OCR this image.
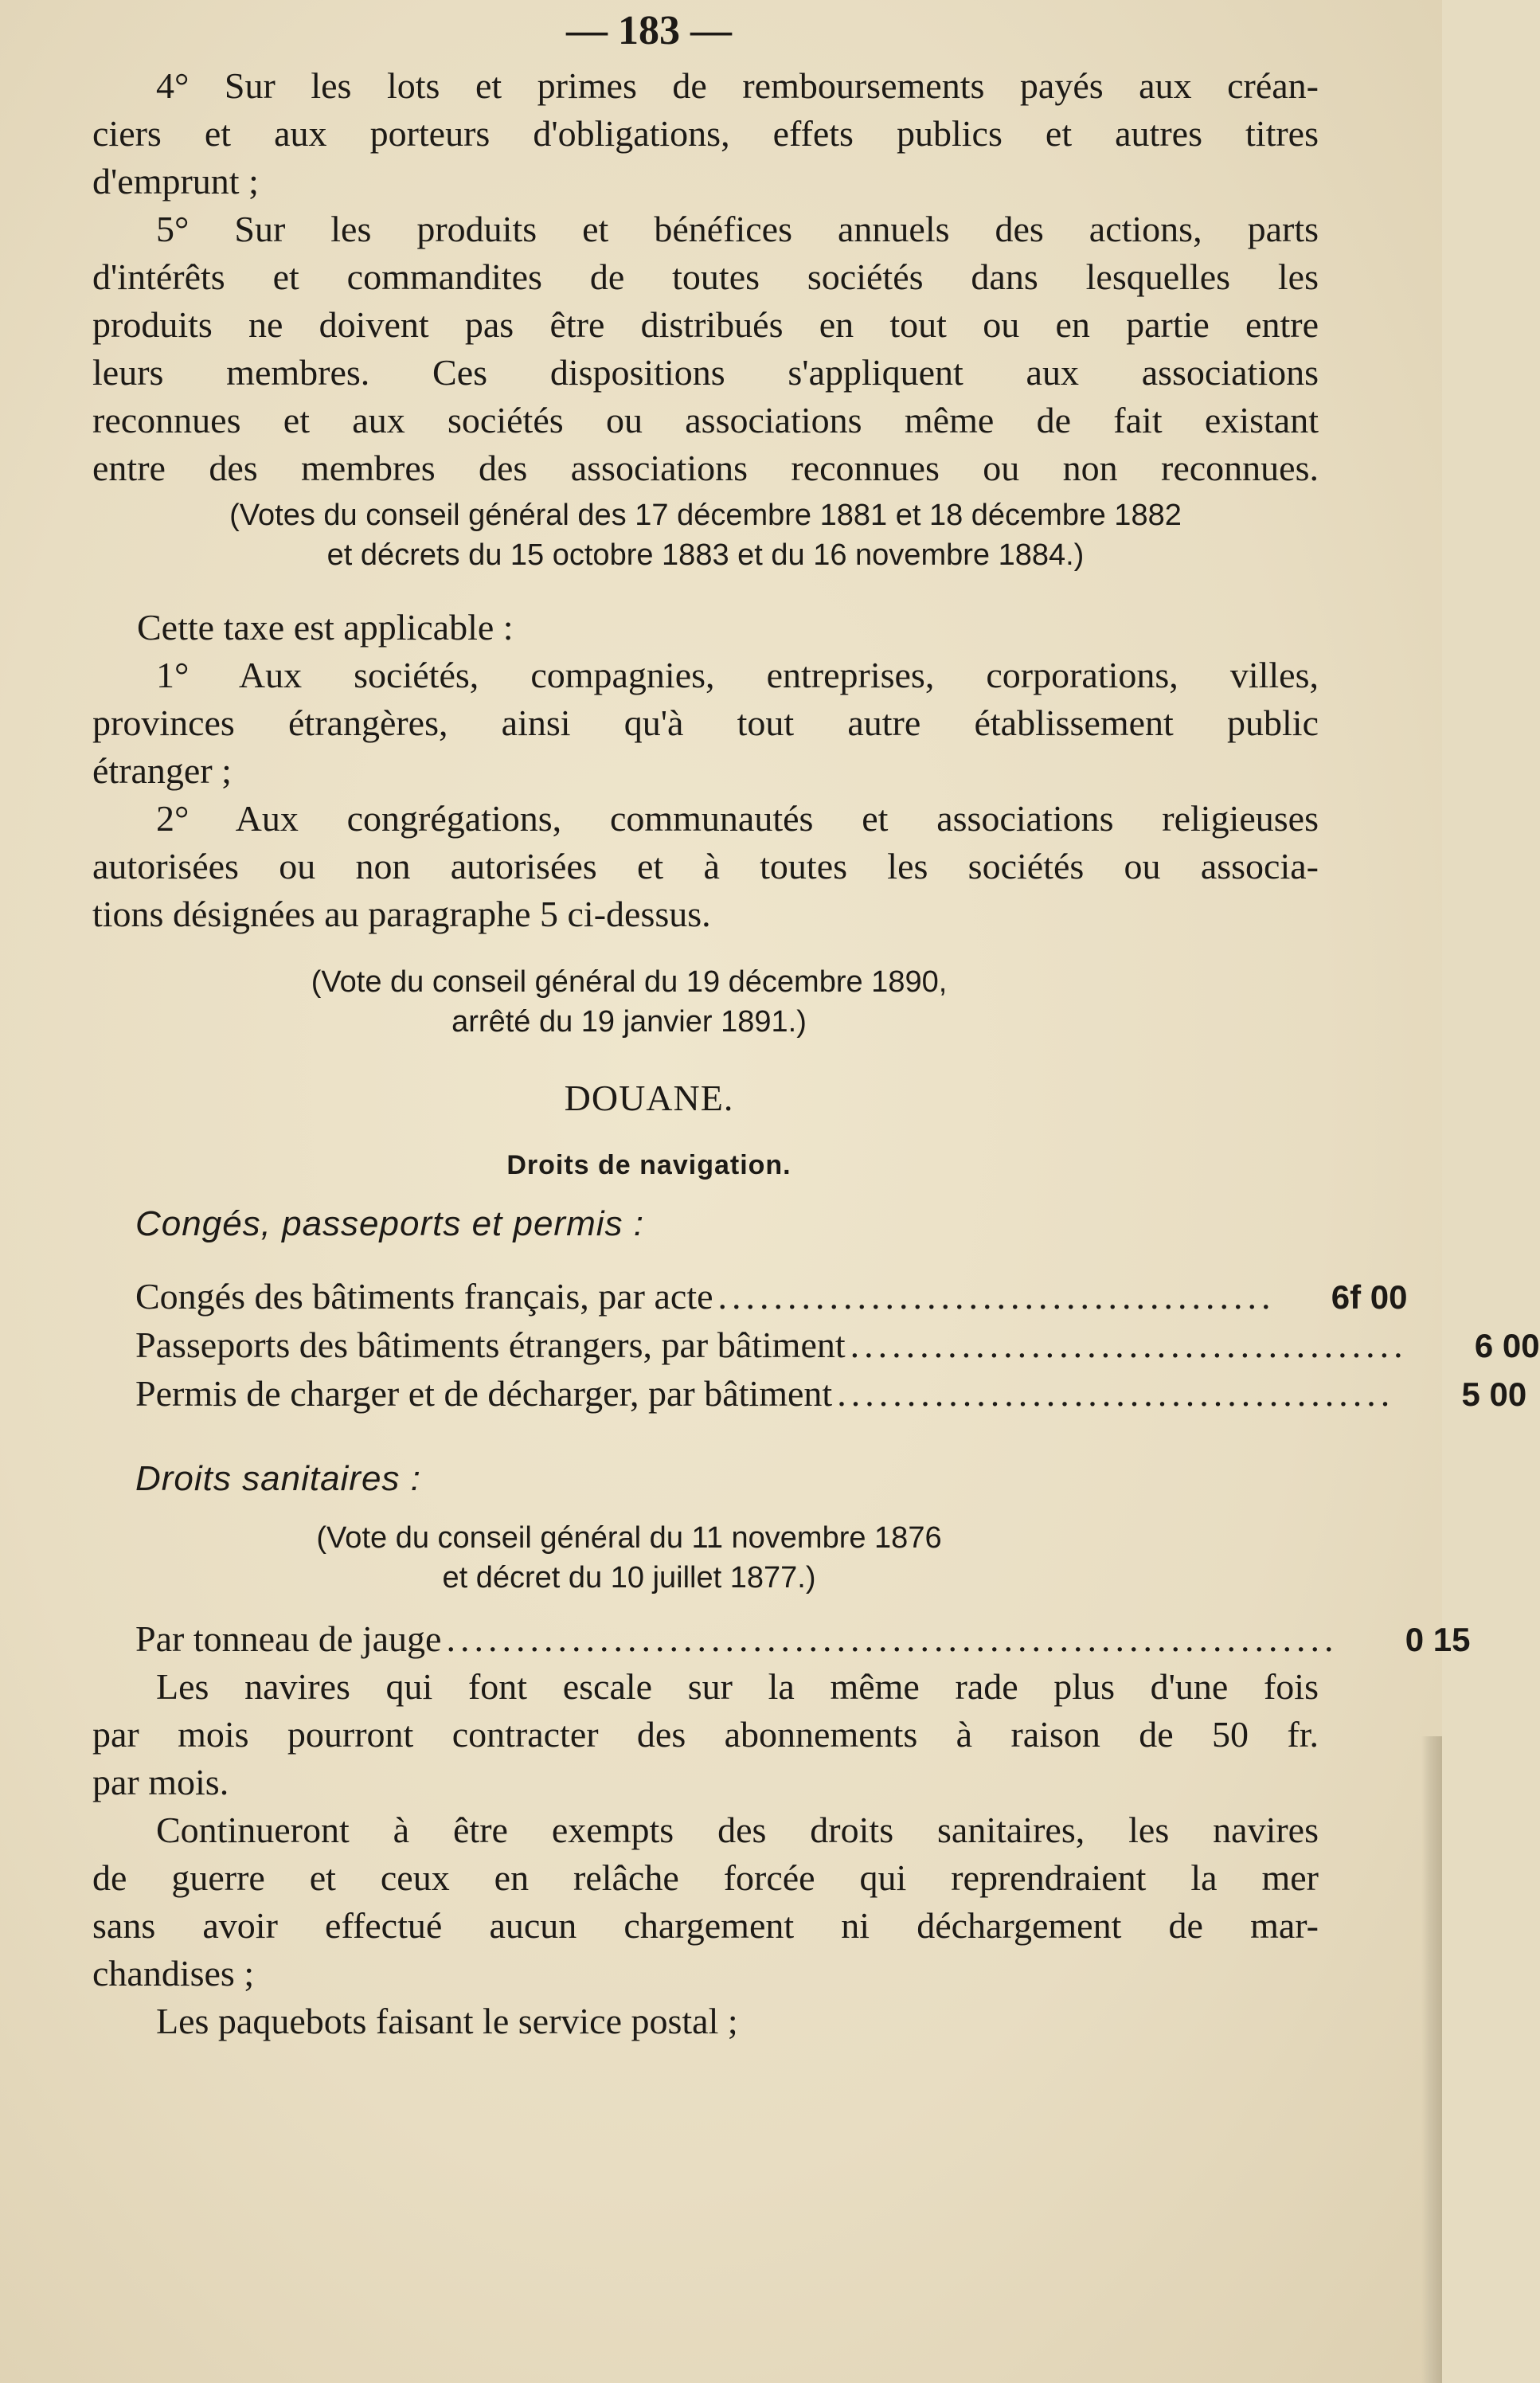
— 183 —
4° Sur les lots et primes de remboursements payés aux créan-
ciers et aux porteurs d'obligations, effets publics et autres titres
d'emprunt ;
5° Sur les produits et bénéfices annuels des actions, parts
d'intérêts et commandites de toutes sociétés dans lesquelles les
produits ne doivent pas être distribués en tout ou en partie entre
leurs membres. Ces dispositions s'appliquent aux associations
reconnues et aux sociétés ou associations même de fait existant
entre des membres des associations reconnues ou non reconnues.
(Votes du conseil général des 17 décembre 1881 et 18 décembre 1882
et décrets du 15 octobre 1883 et du 16 novembre 1884.)
Cette taxe est applicable :
1° Aux sociétés, compagnies, entreprises, corporations, villes,
provinces étrangères, ainsi qu'à tout autre établissement public
étranger ;
2° Aux congrégations, communautés et associations religieuses
autorisées ou non autorisées et à toutes les sociétés ou associa-
tions désignées au paragraphe 5 ci-dessus.
(Vote du conseil général du 19 décembre 1890,
arrêté du 19 janvier 1891.)
DOUANE.
Droits de navigation.
Congés, passeports et permis :
Congés des bâtiments français, par acte ........................................	6f 00
Passeports des bâtiments étrangers, par bâtiment ........................................	6 00
Permis de charger et de décharger, par bâtiment ........................................	5 00
Droits sanitaires :
(Vote du conseil général du 11 novembre 1876
et décret du 10 juillet 1877.)
Par tonneau de jauge ................................................................	0 15
Les navires qui font escale sur la même rade plus d'une fois
par mois pourront contracter des abonnements à raison de 50 fr.
par mois.
Continueront à être exempts des droits sanitaires, les navires
de guerre et ceux en relâche forcée qui reprendraient la mer
sans avoir effectué aucun chargement ni déchargement de mar-
chandises ;
Les paquebots faisant le service postal ;
